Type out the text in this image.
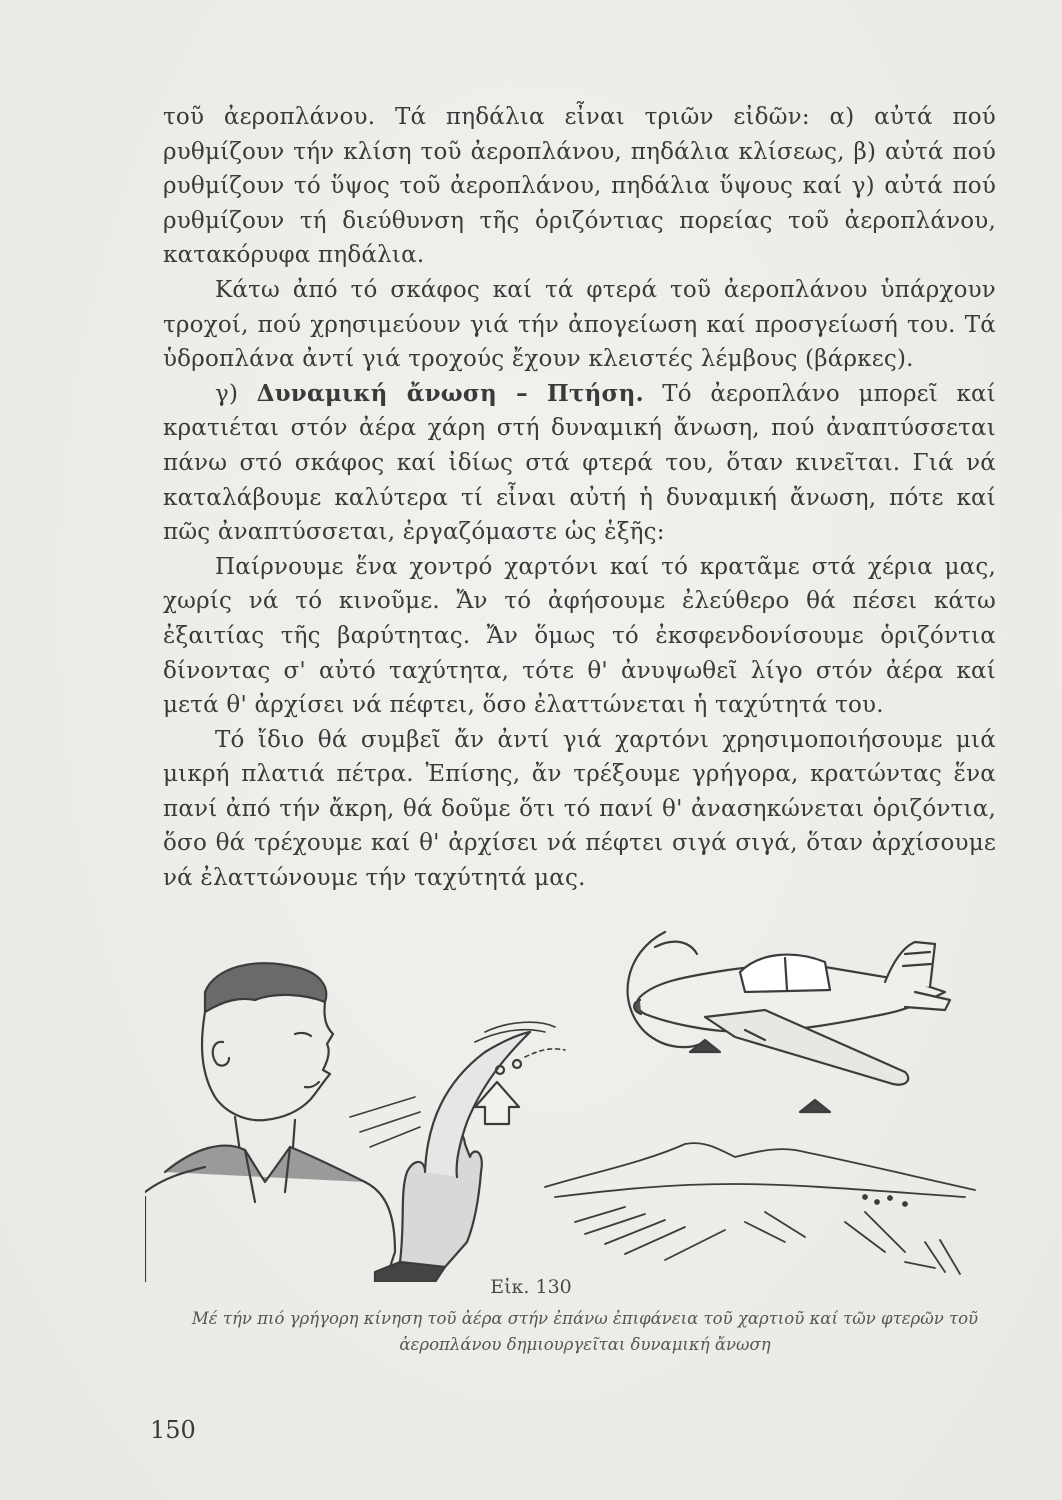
τοῦ ἀεροπλάνου. Τά πηδάλια εἶναι τριῶν εἰδῶν: α) αὐτά πού ρυθμίζουν τήν κλίση τοῦ ἀεροπλάνου, πηδάλια κλίσεως, β) αὐτά πού ρυθμίζουν τό ὕψος τοῦ ἀεροπλάνου, πηδάλια ὕψους καί γ) αὐτά πού ρυθμίζουν τή διεύθυνση τῆς ὁριζόντιας πορείας τοῦ ἀεροπλάνου, κατακόρυφα πηδάλια.

Κάτω ἀπό τό σκάφος καί τά φτερά τοῦ ἀεροπλάνου ὑπάρχουν τροχοί, πού χρησιμεύουν γιά τήν ἀπογείωση καί προσγείωσή του. Τά ὑδροπλάνα ἀντί γιά τροχούς ἔχουν κλειστές λέμβους (βάρκες).

γ) Δυναμική ἄνωση – Πτήση. Τό ἀεροπλάνο μπορεῖ καί κρατιέται στόν ἀέρα χάρη στή δυναμική ἄνωση, πού ἀναπτύσσεται πάνω στό σκάφος καί ἰδίως στά φτερά του, ὅταν κινεῖται. Γιά νά καταλάβουμε καλύτερα τί εἶναι αὐτή ἡ δυναμική ἄνωση, πότε καί πῶς ἀναπτύσσεται, ἐργαζόμαστε ὡς ἑξῆς:

Παίρνουμε ἕνα χοντρό χαρτόνι καί τό κρατᾶμε στά χέρια μας, χωρίς νά τό κινοῦμε. Ἄν τό ἀφήσουμε ἐλεύθερο θά πέσει κάτω ἐξαιτίας τῆς βαρύτητας. Ἄν ὅμως τό ἐκσφενδονίσουμε ὁριζόντια δίνοντας σ' αὐτό ταχύτητα, τότε θ' ἀνυψωθεῖ λίγο στόν ἀέρα καί μετά θ' ἀρχίσει νά πέφτει, ὅσο ἐλαττώνεται ἡ ταχύτητά του.

Τό ἴδιο θά συμβεῖ ἄν ἀντί γιά χαρτόνι χρησιμοποιήσουμε μιά μικρή πλατιά πέτρα. Ἐπίσης, ἄν τρέξουμε γρήγορα, κρατώντας ἕνα πανί ἀπό τήν ἄκρη, θά δοῦμε ὅτι τό πανί θ' ἀνασηκώνεται ὁριζόντια, ὅσο θά τρέχουμε καί θ' ἀρχίσει νά πέφτει σιγά σιγά, ὅταν ἀρχίσουμε νά ἐλαττώνουμε τήν ταχύτητά μας.

Εἰκ. 130
Μέ τήν πιό γρήγορη κίνηση τοῦ ἀέρα στήν ἐπάνω ἐπιφάνεια τοῦ χαρτιοῦ καί τῶν φτερῶν τοῦ ἀεροπλάνου δημιουργεῖται δυναμική ἄνωση
150
